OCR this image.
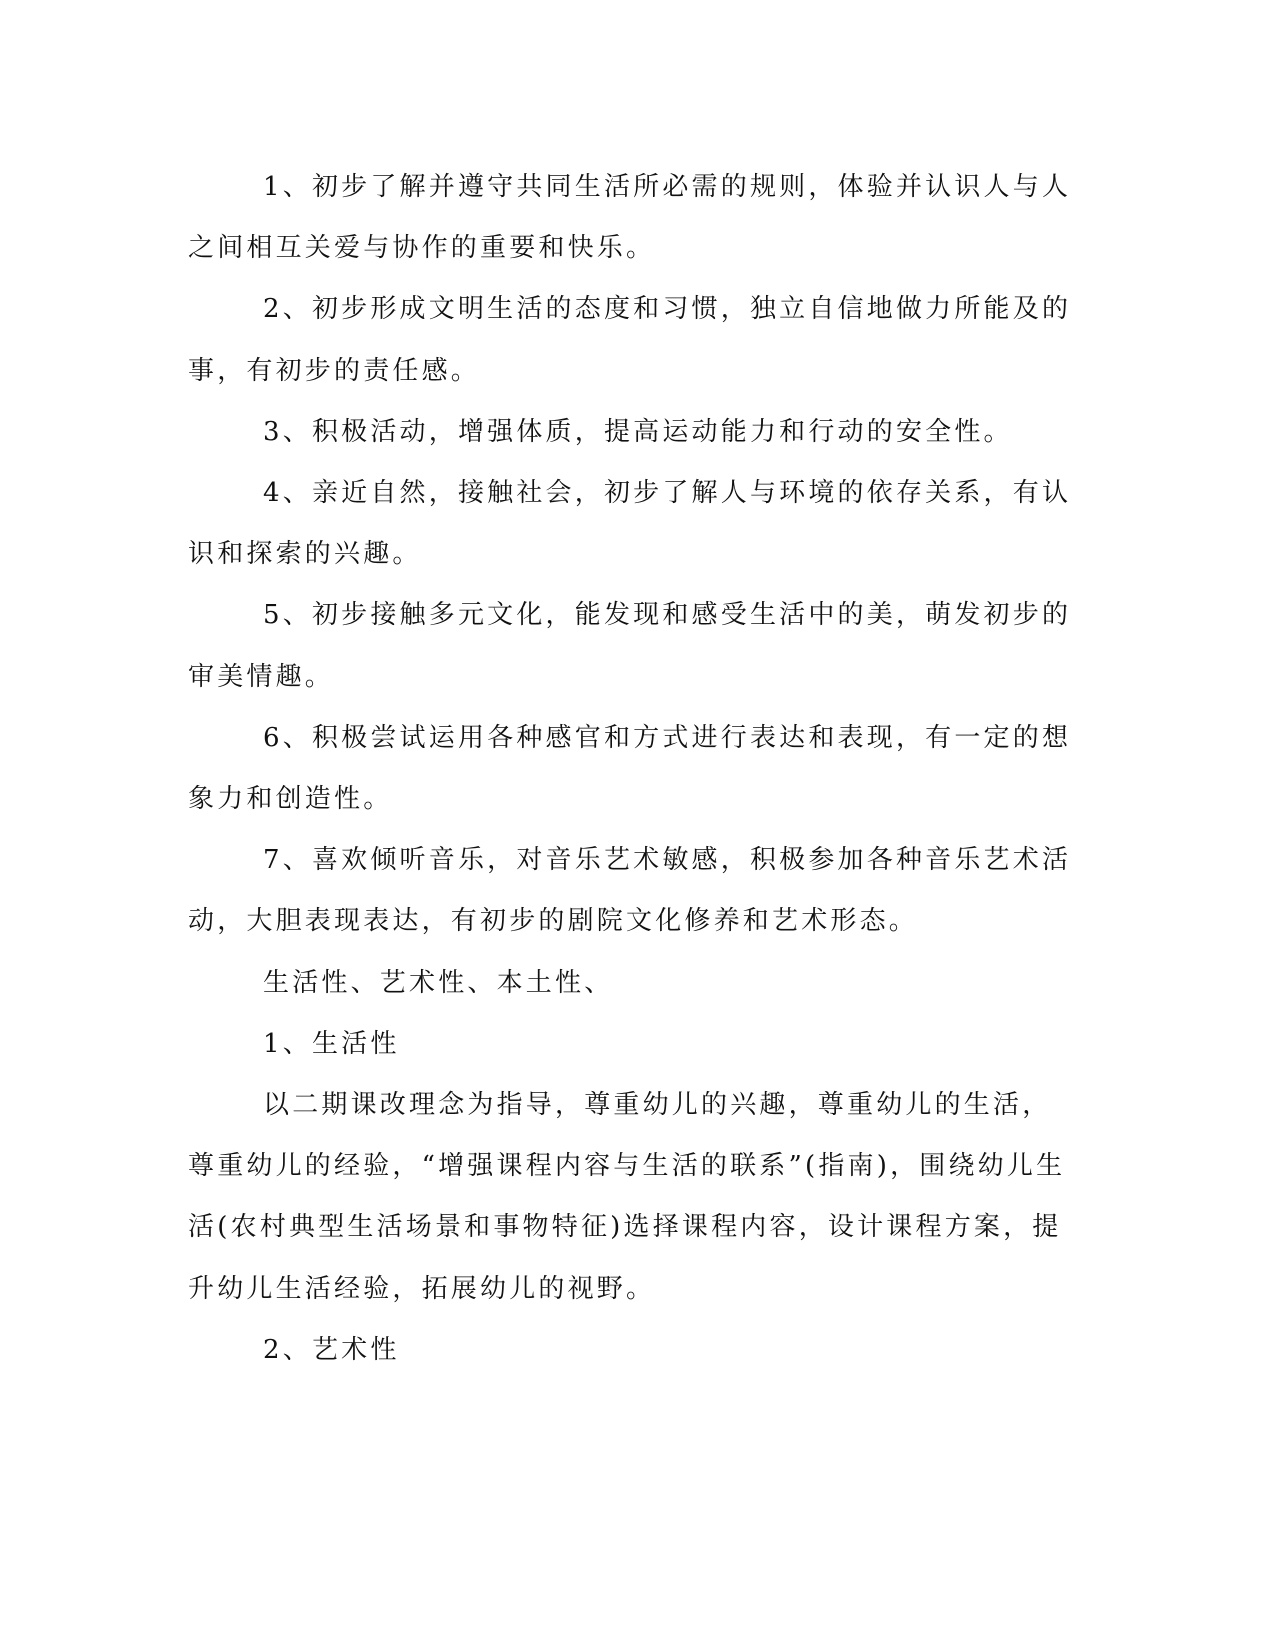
1、初步了解并遵守共同生活所必需的规则，体验并认识人与人之间相互关爱与协作的重要和快乐。

2、初步形成文明生活的态度和习惯，独立自信地做力所能及的事，有初步的责任感。

3、积极活动，增强体质，提高运动能力和行动的安全性。

4、亲近自然，接触社会，初步了解人与环境的依存关系，有认识和探索的兴趣。

5、初步接触多元文化，能发现和感受生活中的美，萌发初步的审美情趣。

6、积极尝试运用各种感官和方式进行表达和表现，有一定的想象力和创造性。

7、喜欢倾听音乐，对音乐艺术敏感，积极参加各种音乐艺术活动，大胆表现表达，有初步的剧院文化修养和艺术形态。

生活性、艺术性、本土性、

1、生活性

以二期课改理念为指导，尊重幼儿的兴趣，尊重幼儿的生活，尊重幼儿的经验，“增强课程内容与生活的联系”(指南)，围绕幼儿生活(农村典型生活场景和事物特征)选择课程内容，设计课程方案，提升幼儿生活经验，拓展幼儿的视野。

2、艺术性
